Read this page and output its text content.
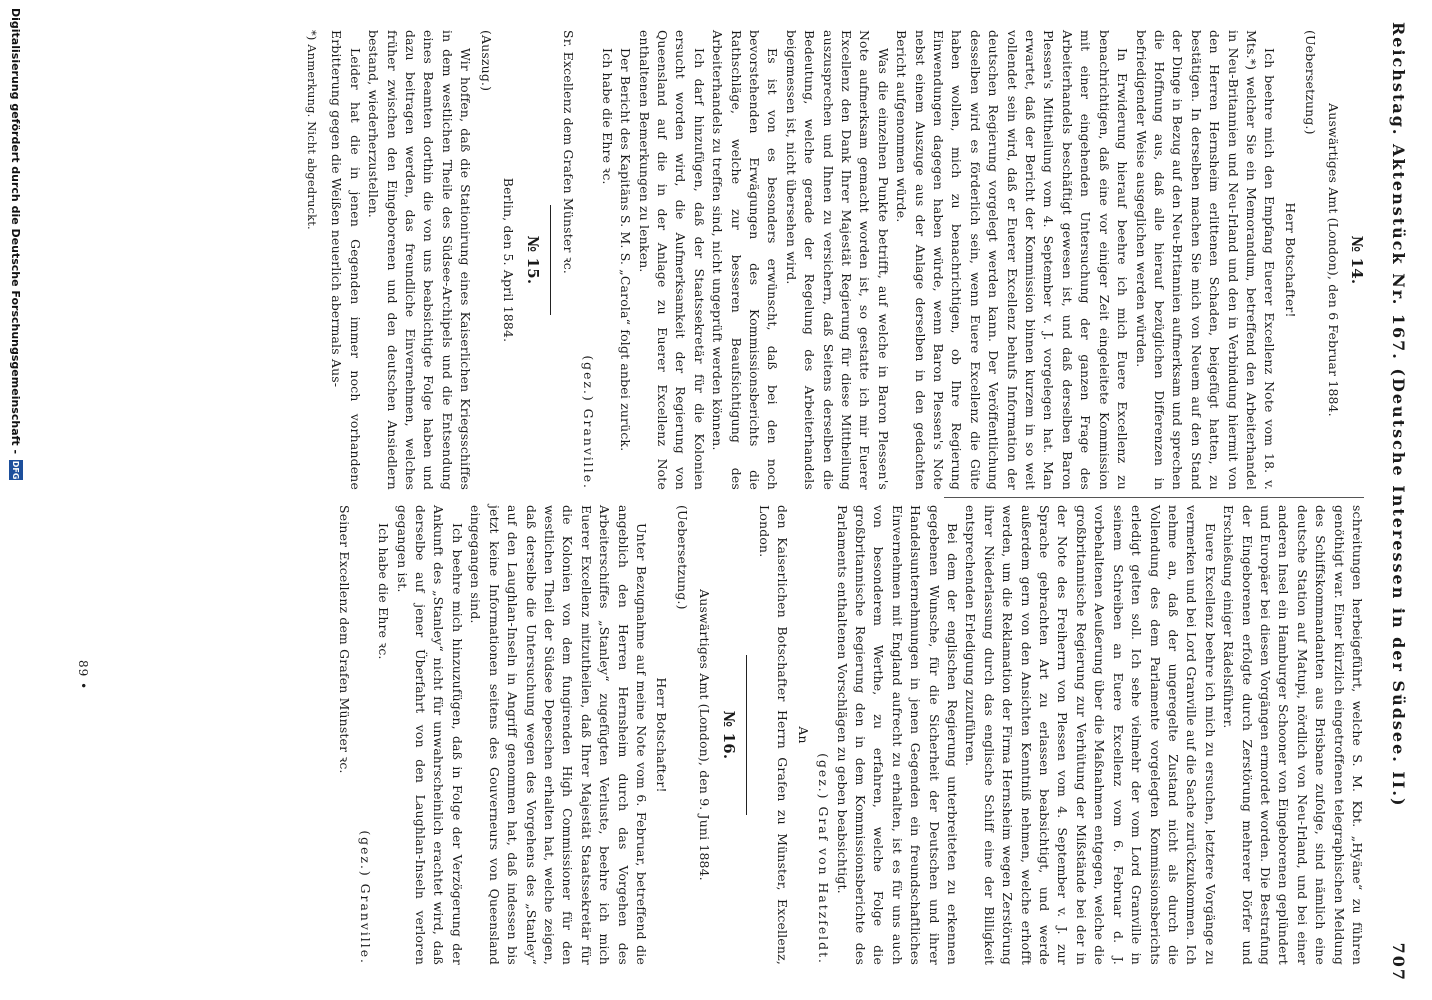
Reichstag. Aktenstück Nr. 167. (Deutsche Interessen in der Südsee. II.)
707
№ 14.
Auswärtiges Amt (London), den 6 Februar 1884.
(Uebersetzung.)
Herr Botschafter!

Ich beehre mich den Empfang Euerer Excellenz Note vom 18. v. Mts.*) welcher Sie ein Memorandum, betreffend den Arbeiterhandel in Neu-Britannien und Neu-Irland und den in Verbindung hiermit von den Herren Hernsheim erlittenen Schaden, beigefügt hatten, zu bestätigen. In derselben machen Sie mich von Neuem auf den Stand der Dinge in Bezug auf den Neu-Britannien aufmerksam und sprechen die Hoffnung aus, daß alle hierauf bezüglichen Differenzen in befriedigender Weise ausgeglichen werden würden.

In Erwiderung hierauf beehre ich mich Euere Excellenz zu benachrichtigen, daß eine vor einiger Zeit eingeleitete Kommission mit einer eingehenden Untersuchung der ganzen Frage des Arbeiterhandels beschäftigt gewesen ist, und daß derselben Baron Plessen's Mittheilung vom 4. September v. J. vorgelegen hat. Man erwartet, daß der Bericht der Kommission binnen kurzem in so weit vollendet sein wird, daß er Euerer Excellenz behufs Information der deutschen Regierung vorgelegt werden kann. Der Veröffentlichung desselben wird es förderlich sein, wenn Euere Excellenz die Güte haben wollen, mich zu benachrichtigen, ob Ihre Regierung Einwendungen dagegen haben würde, wenn Baron Plessen's Note nebst einem Auszuge aus der Anlage derselben in den gedachten Bericht aufgenommen würde.

Was die einzelnen Punkte betrifft, auf welche in Baron Plessen's Note aufmerksam gemacht worden ist, so gestatte ich mir Euerer Excellenz den Dank Ihrer Majestät Regierung für diese Mittheilung auszusprechen und Ihnen zu versichern, daß Seitens derselben die Bedeutung, welche gerade der Regelung des Arbeiterhandels beigemessen ist, nicht übersehen wird.

Es ist von es besonders erwünscht, daß bei den noch bevorstehenden Erwägungen des Kommissionsberichts die Rathschläge, welche zur besseren Beaufsichtigung des Arbeiterhandels zu treffen sind, nicht ungeprüft werden können.

Ich darf hinzufügen, daß der Staatssekretär für die Kolonien ersucht worden wird, die Aufmerksamkeit der Regierung von Queensland auf die in der Anlage zu Euerer Excellenz Note enthaltenen Bemerkungen zu lenken.

Der Bericht des Kapitäns S. M. S. „Carola“ folgt anbei zurück.

Ich habe die Ehre ꝛc.

(gez.) Granville.
Sr. Excellenz dem Grafen Münster ꝛc.
№ 15.
Berlin, den 5. April 1884.
(Auszug.)

Wir hoffen, daß die Stationirung eines Kaiserlichen Kriegsschiffes in dem westlichen Theile des Südsee-Archipels und die Entsendung eines Beamten dorthin die von uns beabsichtigte Folge haben und dazu beitragen werden, das freundliche Einvernehmen, welches früher zwischen den Eingeborenen und den deutschen Ansiedlern bestand, wiederherzustellen.

Leider hat die in jenen Gegenden immer noch vorhandene Erbitterung gegen die Weißen neuerlich abermals Aus-

*) Anmerkung. Nicht abgedruckt.

schreitungen herbeigeführt, welche S. M. Kbt. „Hyäne“ zu führen genöthigt war. Einer kürzlich eingetroffenen telegraphischen Meldung des Schiffskommandanten aus Brisbane zufolge, sind nämlich eine deutsche Station auf Matupi, nördlich von Neu-Irland, und bei einer anderen Insel ein Hamburger Schooner von Eingeborenen geplündert und Europäer bei diesen Vorgängen ermordet worden. Die Bestrafung der Eingeborenen erfolgte durch Zerstörung mehrerer Dörfer und Erschießung einiger Rädelsführer.

Euere Excellenz beehre ich mich zu ersuchen, letztere Vorgänge zu vermerken und bei Lord Granville auf die Sache zurückzukommen. Ich nehme an, daß der ungeregelte Zustand nicht als durch die Vollendung des dem Parlamente vorgelegten Kommissionsberichts erledigt gelten soll. Ich sehe vielmehr der vom Lord Granville in seinem Schreiben an Euere Excellenz vom 6. Februar d. J. vorbehaltenen Aeußerung über die Maßnahmen entgegen, welche die großbritannische Regierung zur Verhütung der Mißstände bei der in der Note des Freiherrn von Plessen vom 4. September v. J. zur Sprache gebrachten Art zu erlassen beabsichtigt, und werde außerdem gern von den Ansichten Kenntniß nehmen, welche erhofft werden, um die Reklamation der Firma Hernsheim wegen Zerstörung ihrer Niederlassung durch das englische Schiff eine der Billigkeit entsprechenden Erledigung zuzuführen.

Bei dem der englischen Regierung unterbreiteten zu erkennen gegebenen Wunsche, für die Sicherheit der Deutschen und ihrer Handelsunternehmungen in jenen Gegenden ein freundschaftliches Einvernehmen mit England aufrecht zu erhalten, ist es für uns auch von besonderem Werthe, zu erfahren, welche Folge die großbritannische Regierung den in dem Kommissionsberichte des Parlaments enthaltenen Vorschlägen zu geben beabsichtigt.

(gez.) Graf von Hatzfeldt.
An
den Kaiserlichen Botschafter Herrn Grafen zu Münster, Excellenz, London.
№ 16.
Auswärtiges Amt (London), den 9. Juni 1884.
(Uebersetzung.)
Herr Botschafter!

Unter Bezugnahme auf meine Note vom 6. Februar, betreffend die angeblich den Herren Hernsheim durch das Vorgehen des Arbeiterschiffes „Stanley“ zugefügten Verluste, beehre ich mich Euerer Excellenz mitzutheilen, daß Ihrer Majestät Staatssekretär für die Kolonien von dem fungirenden High Commissioner für den westlichen Theil der Südsee Depeschen erhalten hat, welche zeigen, daß derselbe die Untersuchung wegen des Vorgehens des „Stanley“ auf den Laughlan-Inseln in Angriff genommen hat, daß indessen bis jetzt keine Informationen seitens des Gouverneurs von Queensland eingegangen sind.

Ich beehre mich hinzuzufügen, daß in Folge der Verzögerung der Ankunft des „Stanley“ nicht für unwahrscheinlich erachtet wird, daß derselbe auf jener Überfahrt von den Laughlan-Inseln verloren gegangen ist.

Ich habe die Ehre ꝛc.

(gez.) Granville.
Seiner Excellenz dem Grafen Münster ꝛc.
89 •
Digitalisierung gefördert durch die Deutsche Forschungsgemeinschaft -
DFG
